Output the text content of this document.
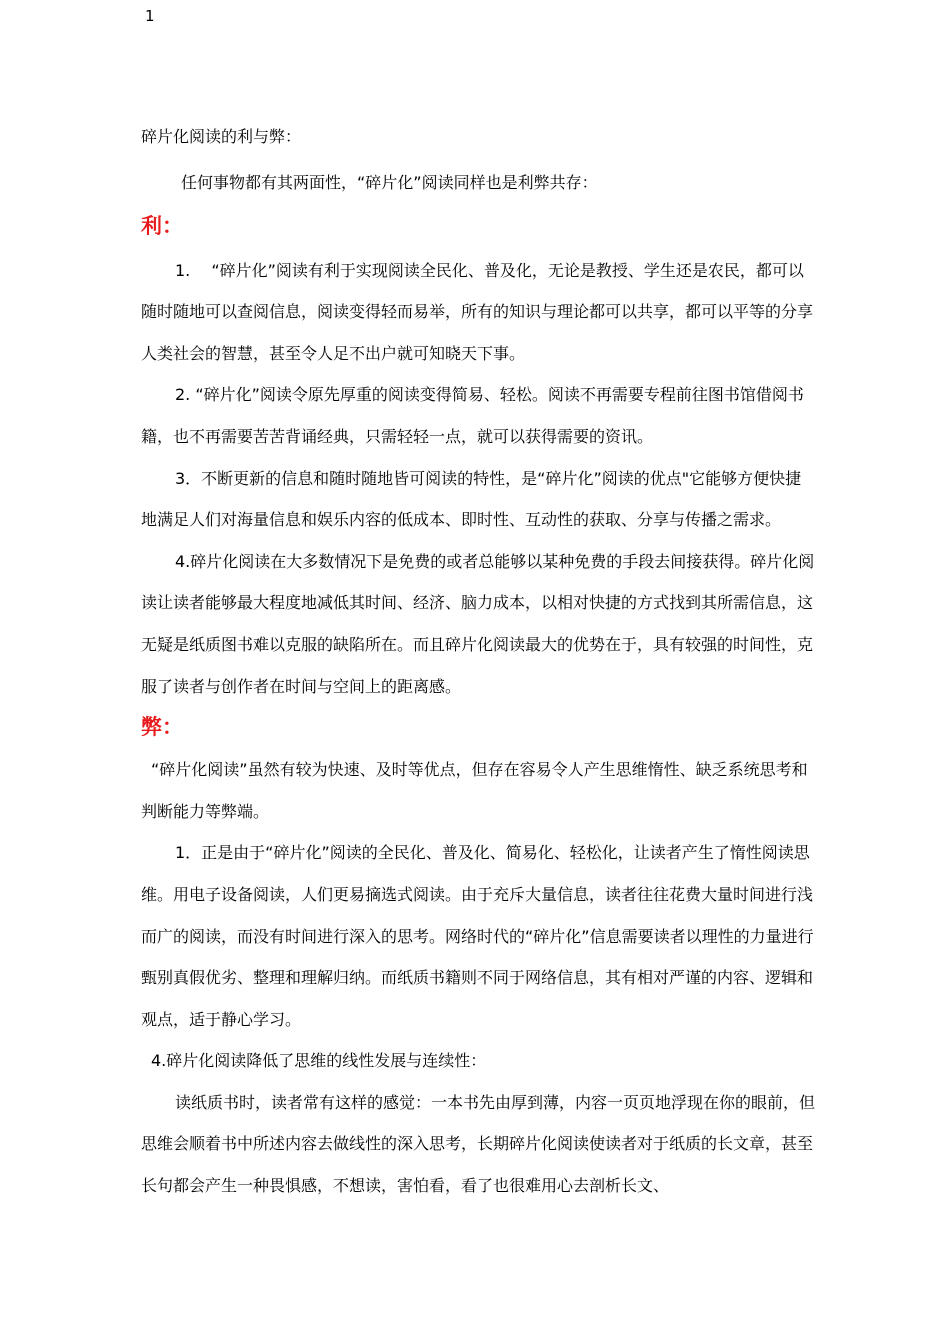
1

碎片化阅读的利与弊：

任何事物都有其两面性，“碎片化”阅读同样也是利弊共存：

利：

1.　 “碎片化”阅读有利于实现阅读全民化、普及化，无论是教授、学生还是农民，都可以随时随地可以查阅信息，阅读变得轻而易举，所有的知识与理论都可以共享，都可以平等的分享人类社会的智慧，甚至令人足不出户就可知晓天下事。

2. “碎片化”阅读令原先厚重的阅读变得简易、轻松。阅读不再需要专程前往图书馆借阅书籍，也不再需要苦苦背诵经典，只需轻轻一点，就可以获得需要的资讯。

3．不断更新的信息和随时随地皆可阅读的特性，是“碎片化”阅读的优点"它能够方便快捷地满足人们对海量信息和娱乐内容的低成本、即时性、互动性的获取、分享与传播之需求。

4.碎片化阅读在大多数情况下是免费的或者总能够以某种免费的手段去间接获得。碎片化阅读让读者能够最大程度地减低其时间、经济、脑力成本，以相对快捷的方式找到其所需信息，这无疑是纸质图书难以克服的缺陷所在。而且碎片化阅读最大的优势在于，具有较强的时间性，克服了读者与创作者在时间与空间上的距离感。

弊：

“碎片化阅读”虽然有较为快速、及时等优点，但存在容易令人产生思维惰性、缺乏系统思考和判断能力等弊端。

1．正是由于“碎片化”阅读的全民化、普及化、简易化、轻松化，让读者产生了惰性阅读思维。用电子设备阅读，人们更易摘选式阅读。由于充斥大量信息，读者往往花费大量时间进行浅而广的阅读，而没有时间进行深入的思考。网络时代的“碎片化”信息需要读者以理性的力量进行甄别真假优劣、整理和理解归纳。而纸质书籍则不同于网络信息，其有相对严谨的内容、逻辑和观点，适于静心学习。

4.碎片化阅读降低了思维的线性发展与连续性：

读纸质书时，读者常有这样的感觉：一本书先由厚到薄，内容一页页地浮现在你的眼前，但思维会顺着书中所述内容去做线性的深入思考，长期碎片化阅读使读者对于纸质的长文章，甚至长句都会产生一种畏惧感，不想读，害怕看，看了也很难用心去剖析长文、
